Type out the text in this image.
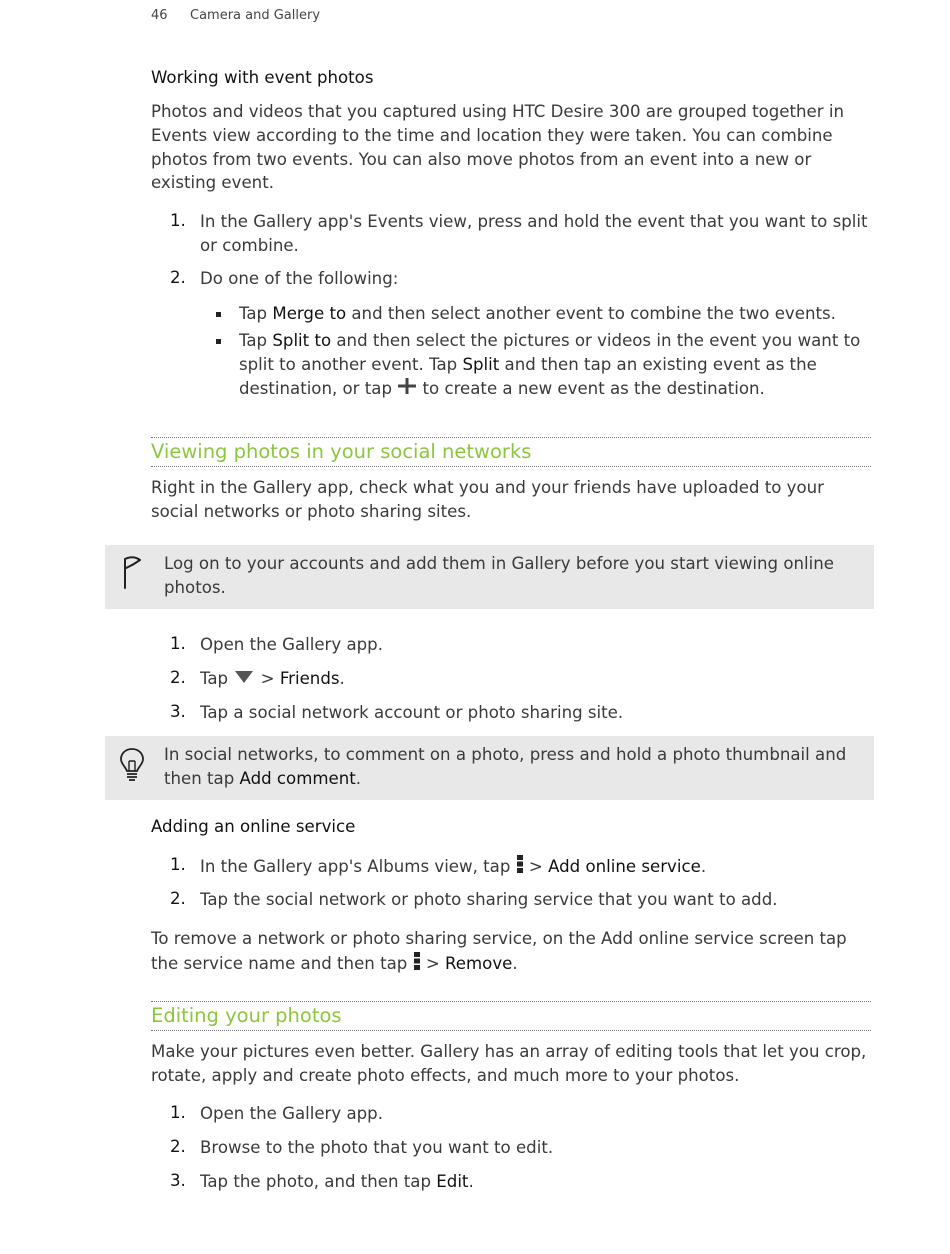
46 Camera and Gallery
Working with event photos
Photos and videos that you captured using HTC Desire 300 are grouped together in Events view according to the time and location they were taken. You can combine photos from two events. You can also move photos from an event into a new or existing event.
1. In the Gallery app's Events view, press and hold the event that you want to split or combine.
2. Do one of the following:
Tap Merge to and then select another event to combine the two events.
Tap Split to and then select the pictures or videos in the event you want to split to another event. Tap Split and then tap an existing event as the destination, or tap  to create a new event as the destination.
Viewing photos in your social networks
Right in the Gallery app, check what you and your friends have uploaded to your social networks or photo sharing sites.
Log on to your accounts and add them in Gallery before you start viewing online photos.
1. Open the Gallery app.
2. Tap  > Friends.
3. Tap a social network account or photo sharing site.
In social networks, to comment on a photo, press and hold a photo thumbnail and then tap Add comment.
Adding an online service
1. In the Gallery app's Albums view, tap  > Add online service.
2. Tap the social network or photo sharing service that you want to add.
To remove a network or photo sharing service, on the Add online service screen tap the service name and then tap  > Remove.
Editing your photos
Make your pictures even better. Gallery has an array of editing tools that let you crop, rotate, apply and create photo effects, and much more to your photos.
1. Open the Gallery app.
2. Browse to the photo that you want to edit.
3. Tap the photo, and then tap Edit.
